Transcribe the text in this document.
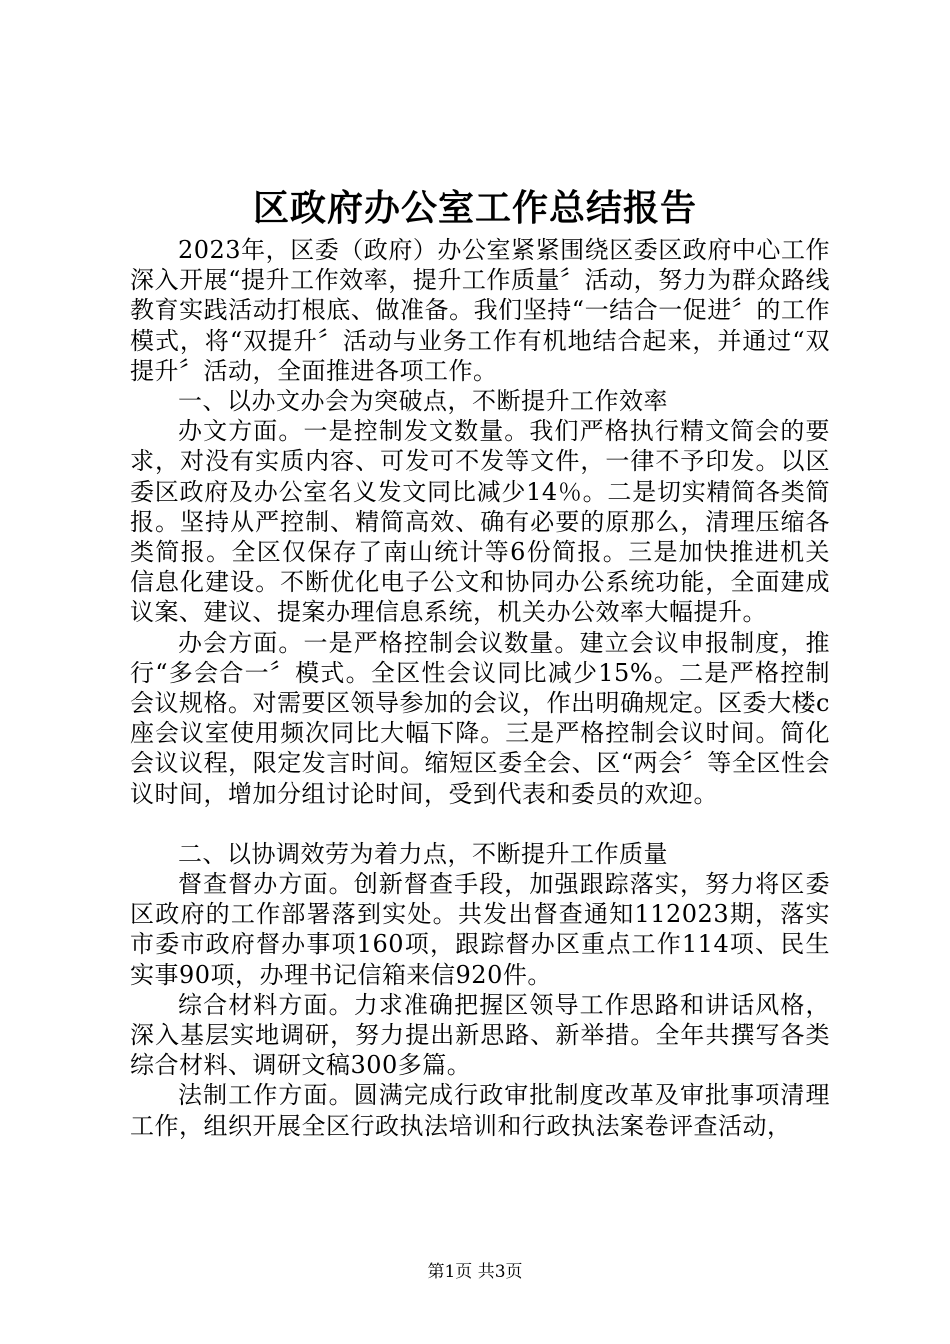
区政府办公室工作总结报告

2023年，区委（政府）办公室紧紧围绕区委区政府中心工作深入开展“提升工作效率，提升工作质量〞活动，努力为群众路线教育实践活动打根底、做准备。我们坚持“一结合一促进〞的工作模式，将“双提升〞活动与业务工作有机地结合起来，并通过“双提升〞活动，全面推进各项工作。

一、以办文办会为突破点，不断提升工作效率

办文方面。一是控制发文数量。我们严格执行精文简会的要求，对没有实质内容、可发可不发等文件，一律不予印发。以区委区政府及办公室名义发文同比减少14％。二是切实精简各类简报。坚持从严控制、精简高效、确有必要的原那么，清理压缩各类简报。全区仅保存了南山统计等6份简报。三是加快推进机关信息化建设。不断优化电子公文和协同办公系统功能，全面建成议案、建议、提案办理信息系统，机关办公效率大幅提升。

办会方面。一是严格控制会议数量。建立会议申报制度，推行“多会合一〞模式。全区性会议同比减少15%。二是严格控制会议规格。对需要区领导参加的会议，作出明确规定。区委大楼c座会议室使用频次同比大幅下降。三是严格控制会议时间。简化会议议程，限定发言时间。缩短区委全会、区“两会〞等全区性会议时间，增加分组讨论时间，受到代表和委员的欢迎。

二、以协调效劳为着力点，不断提升工作质量

督查督办方面。创新督查手段，加强跟踪落实，努力将区委区政府的工作部署落到实处。共发出督查通知112023期，落实市委市政府督办事项160项，跟踪督办区重点工作114项、民生实事90项，办理书记信箱来信920件。

综合材料方面。力求准确把握区领导工作思路和讲话风格，深入基层实地调研，努力提出新思路、新举措。全年共撰写各类综合材料、调研文稿300多篇。

法制工作方面。圆满完成行政审批制度改革及审批事项清理工作，组织开展全区行政执法培训和行政执法案卷评查活动，

第1页 共3页
